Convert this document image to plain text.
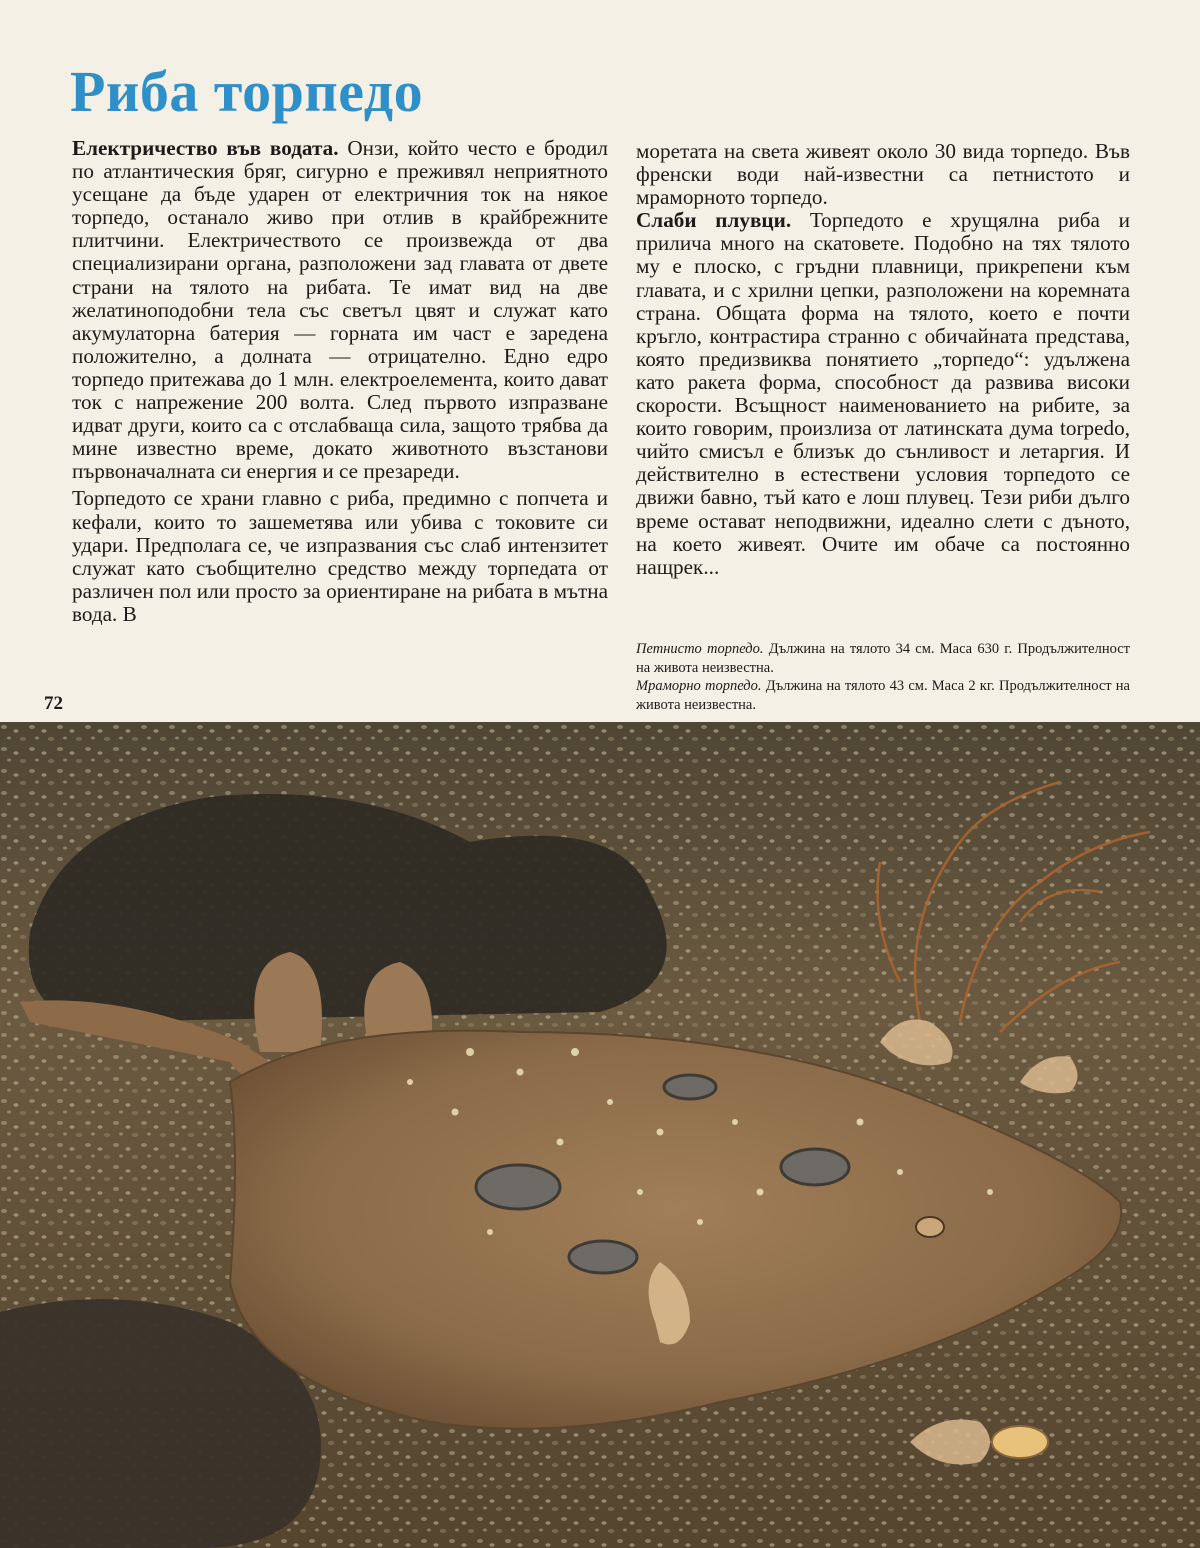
Риба торпедо

Електричество във водата. Онзи, който често е бродил по атлантическия бряг, сигурно е преживял неприятното усещане да бъде ударен от електричния ток на някое торпедо, останало живо при отлив в крайбрежните плитчини. Електричеството се произвежда от два специализирани органа, разположени зад главата от двете страни на тялото на рибата. Те имат вид на две желатиноподобни тела със светъл цвят и служат като акумулаторна батерия — горната им част е заредена положително, а долната — отрицателно. Едно едро торпедо притежава до 1 млн. електроелемента, които дават ток с напрежение 200 волта. След първото изпразване идват други, които са с отслабваща сила, защото трябва да мине известно време, докато животното възстанови първоначалната си енергия и се презареди.

Торпедото се храни главно с риба, предимно с попчета и кефали, които то зашеметява или убива с токовите си удари. Предполага се, че изпразвания със слаб интензитет служат като съобщително средство между торпедата от различен пол или просто за ориентиране на рибата в мътна вода. В

моретата на света живеят около 30 вида торпедо. Във френски води най-известни са петнистото и мраморното торпедо.

Слаби плувци. Торпедото е хрущялна риба и прилича много на скатовете. Подобно на тях тялото му е плоско, с гръдни плавници, прикрепени към главата, и с хрилни цепки, разположени на коремната страна. Общата форма на тялото, което е почти кръгло, контрастира странно с обичайната представа, която предизвиква понятието „торпедо“: удължена като ракета форма, способност да развива високи скорости. Всъщност наименованието на рибите, за които говорим, произлиза от латинската дума torpedo, чийто смисъл е близък до сънливост и летаргия. И действително в естествени условия торпедото се движи бавно, тъй като е лош плувец. Тези риби дълго време остават неподвижни, идеално слети с дъното, на което живеят. Очите им обаче са постоянно нащрек...

Петнисто торпедо. Дължина на тялото 34 см. Маса 630 г. Продължителност на живота неизвестна.

Мраморно торпедо. Дължина на тялото 43 см. Маса 2 кг. Продължителност на живота неизвестна.

72
